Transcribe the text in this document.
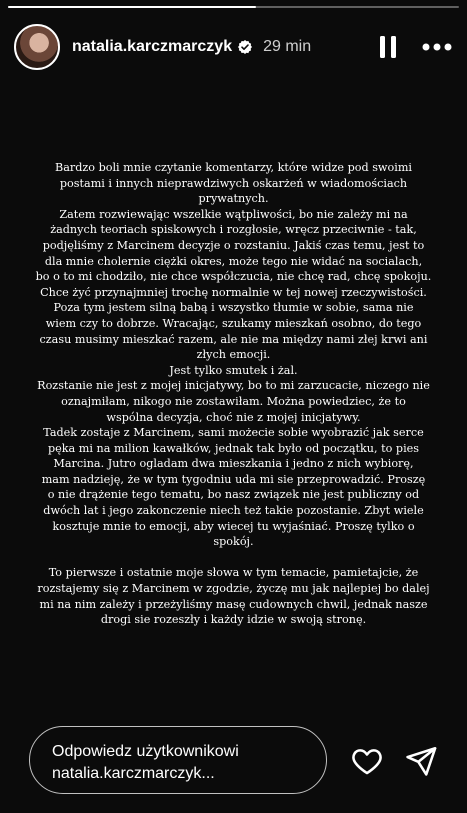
natalia.karczmarczyk 29 min
Bardzo boli mnie czytanie komentarzy, które widze pod swoimi
postami i innych nieprawdziwych oskarżeń w wiadomościach
prywatnych.
Zatem rozwiewając wszelkie wątpliwości, bo nie zależy mi na
żadnych teoriach spiskowych i rozgłosie, wręcz przeciwnie - tak,
podjęliśmy z Marcinem decyzje o rozstaniu. Jakiś czas temu, jest to
dla mnie cholernie ciężki okres, może tego nie widać na socialach,
bo o to mi chodziło, nie chce współczucia, nie chcę rad, chcę spokoju.
Chce żyć przynajmniej trochę normalnie w tej nowej rzeczywistości.
Poza tym jestem silną babą i wszystko tłumie w sobie, sama nie
wiem czy to dobrze. Wracając, szukamy mieszkań osobno, do tego
czasu musimy mieszkać razem, ale nie ma między nami złej krwi ani
złych emocji.
Jest tylko smutek i żal.
Rozstanie nie jest z mojej inicjatywy, bo to mi zarzucacie, niczego nie
oznajmiłam, nikogo nie zostawiłam. Można powiedziec, że to
wspólna decyzja, choć nie z mojej inicjatywy.
Tadek zostaje z Marcinem, sami możecie sobie wyobrazić jak serce
pęka mi na milion kawałków, jednak tak było od początku, to pies
Marcina. Jutro ogladam dwa mieszkania i jedno z nich wybiorę,
mam nadzieję, że w tym tygodniu uda mi sie przeprowadzić. Proszę
o nie drążenie tego tematu, bo nasz związek nie jest publiczny od
dwóch lat i jego zakonczenie niech też takie pozostanie. Zbyt wiele
kosztuje mnie to emocji, aby wiecej tu wyjaśniać. Proszę tylko o
spokój.

To pierwsze i ostatnie moje słowa w tym temacie, pamietajcie, że
rozstajemy się z Marcinem w zgodzie, życzę mu jak najlepiej bo dalej
mi na nim zależy i przeżyliśmy masę cudownych chwil, jednak nasze
drogi sie rozeszły i każdy idzie w swoją stronę.
Odpowiedz użytkownikowi
natalia.karczmarczyk...
